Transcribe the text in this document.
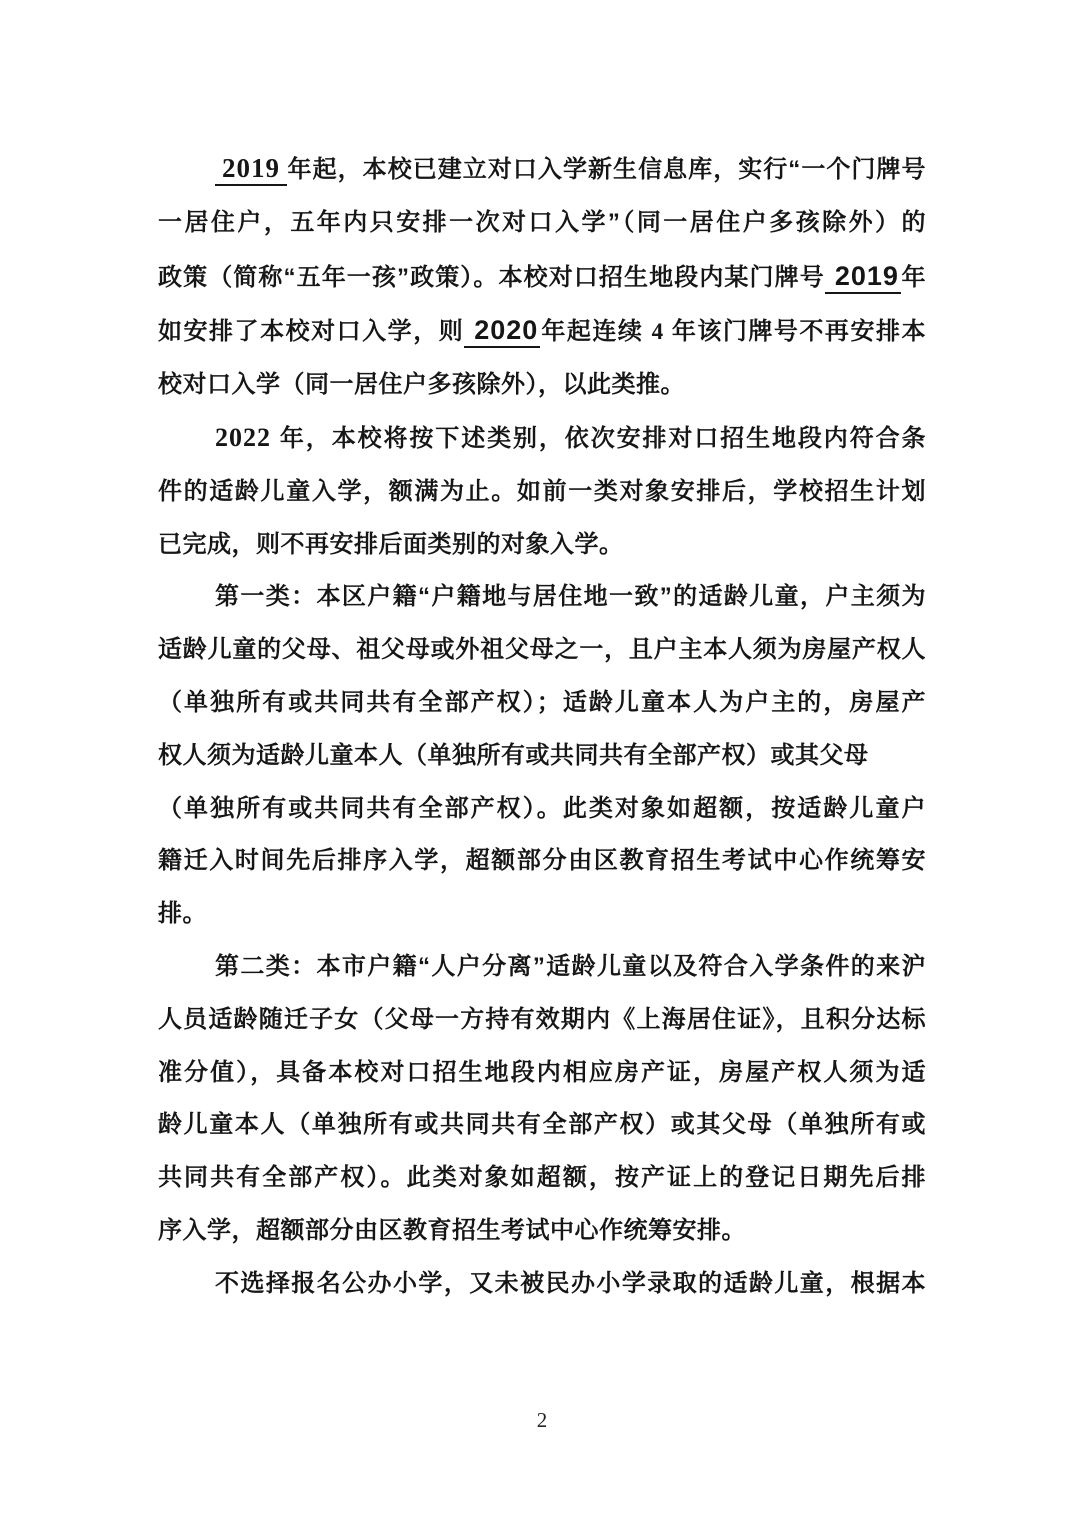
2019 年起，本校已建立对口入学新生信息库，实行“一个门牌号
一居住户，五年内只安排一次对口入学”（同一居住户多孩除外）的
政策（简称“五年一孩”政策）。本校对口招生地段内某门牌号 2019年
如安排了本校对口入学，则 2020年起连续 4 年该门牌号不再安排本
校对口入学（同一居住户多孩除外），以此类推。
2022 年，本校将按下述类别，依次安排对口招生地段内符合条
件的适龄儿童入学，额满为止。如前一类对象安排后，学校招生计划
已完成，则不再安排后面类别的对象入学。
第一类：本区户籍“户籍地与居住地一致”的适龄儿童，户主须为
适龄儿童的父母、祖父母或外祖父母之一，且户主本人须为房屋产权人
（单独所有或共同共有全部产权）；适龄儿童本人为户主的，房屋产
权人须为适龄儿童本人（单独所有或共同共有全部产权）或其父母
（单独所有或共同共有全部产权）。此类对象如超额，按适龄儿童户
籍迁入时间先后排序入学，超额部分由区教育招生考试中心作统筹安
排。
第二类：本市户籍“人户分离”适龄儿童以及符合入学条件的来沪
人员适龄随迁子女（父母一方持有效期内《上海居住证》，且积分达标
准分值），具备本校对口招生地段内相应房产证，房屋产权人须为适
龄儿童本人（单独所有或共同共有全部产权）或其父母（单独所有或
共同共有全部产权）。此类对象如超额，按产证上的登记日期先后排
序入学，超额部分由区教育招生考试中心作统筹安排。
不选择报名公办小学，又未被民办小学录取的适龄儿童，根据本
2
